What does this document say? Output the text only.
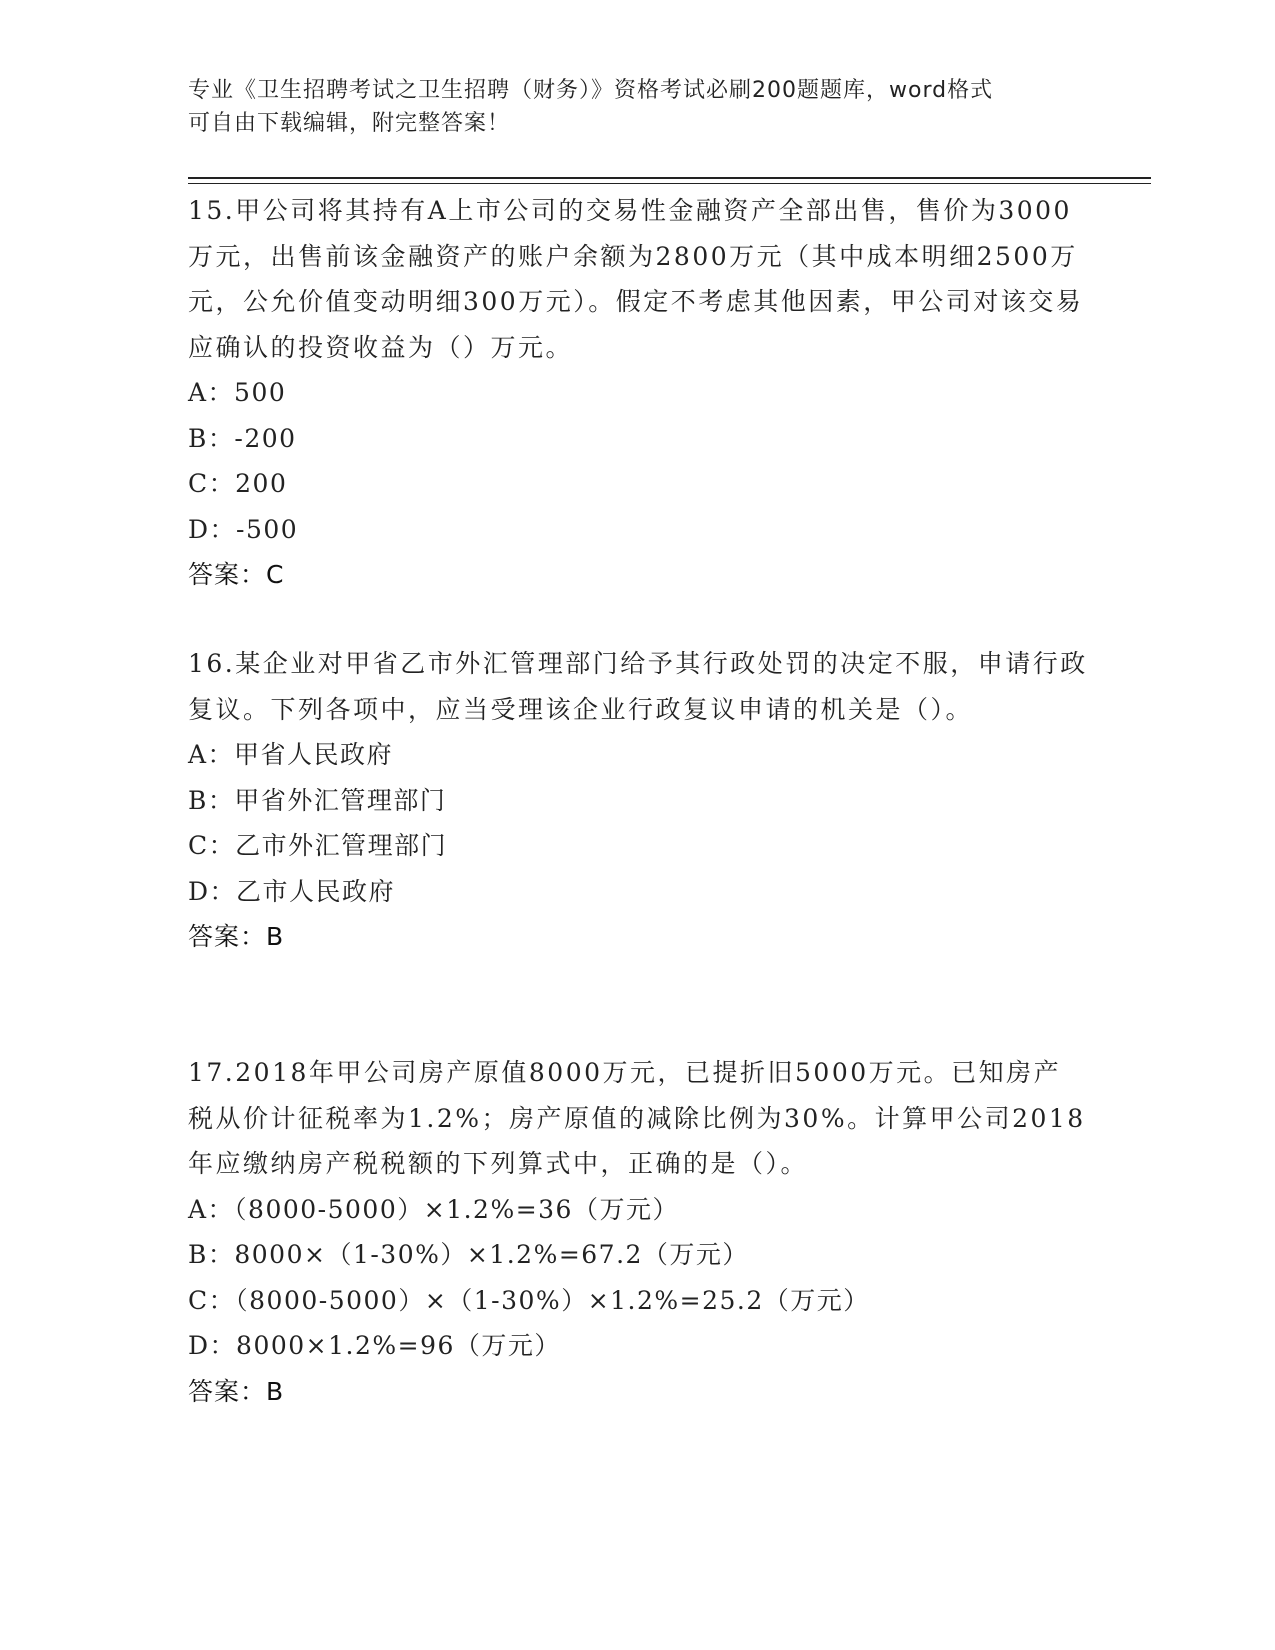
专业《卫生招聘考试之卫生招聘（财务）》资格考试必刷200题题库，word格式
可自由下载编辑，附完整答案！
15.甲公司将其持有A上市公司的交易性金融资产全部出售，售价为3000万元，出售前该金融资产的账户余额为2800万元（其中成本明细2500万元，公允价值变动明细300万元）。假定不考虑其他因素，甲公司对该交易应确认的投资收益为（）万元。
A：500
B：-200
C：200
D：-500
答案：C
16.某企业对甲省乙市外汇管理部门给予其行政处罚的决定不服，申请行政复议。下列各项中，应当受理该企业行政复议申请的机关是（）。
A：甲省人民政府
B：甲省外汇管理部门
C：乙市外汇管理部门
D：乙市人民政府
答案：B
17.2018年甲公司房产原值8000万元，已提折旧5000万元。已知房产税从价计征税率为1.2%；房产原值的减除比例为30%。计算甲公司2018年应缴纳房产税税额的下列算式中，正确的是（）。
A：（8000-5000）×1.2%=36（万元）
B：8000×（1-30%）×1.2%=67.2（万元）
C：（8000-5000）×（1-30%）×1.2%=25.2（万元）
D：8000×1.2%=96（万元）
答案：B
